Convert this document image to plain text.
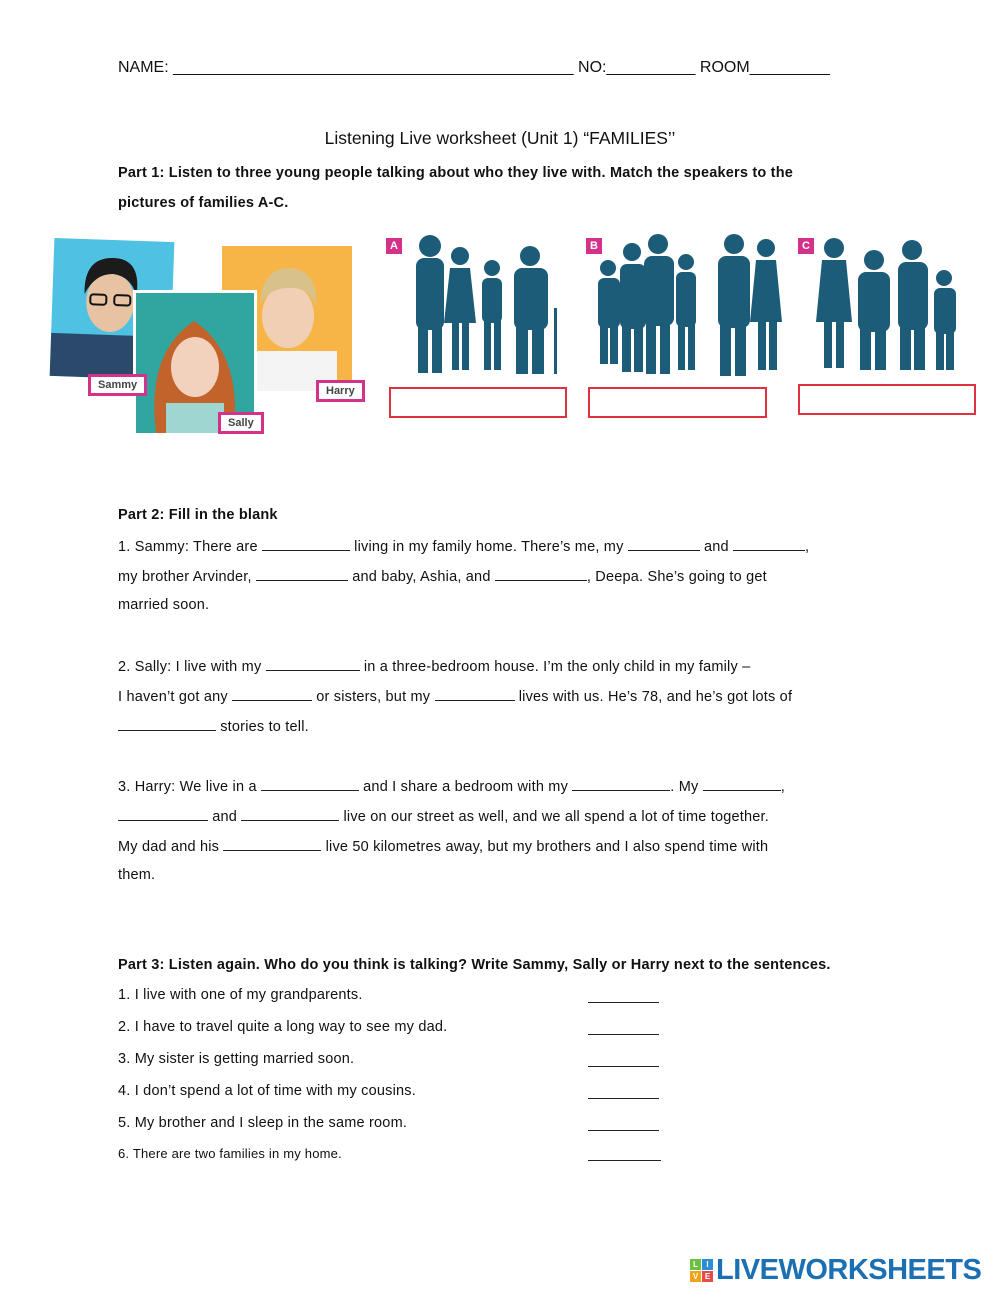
NAME: _____________________________________________ NO:__________ ROOM_________
Listening Live worksheet (Unit 1) “FAMILIES’’
Part 1: Listen to three young people talking about who they live with. Match the speakers to the
pictures of families A-C.
Sammy	Harry
Sally
A	B	C
Part 2: Fill in the blank
1. Sammy: There are	living in my family home. There’s me, my	and	,
my brother Arvinder,	and baby, Ashia, and	, Deepa. She’s going to get
married soon.
2. Sally: I live with my	in a three-bedroom house. I’m the only child in my family –
I haven’t got any	or sisters, but my	lives with us. He’s 78, and he’s got lots of
stories to tell.
3. Harry: We live in a	and I share a bedroom with my	. My	,
and	live on our street as well, and we all spend a lot of time together.
My dad and his	live 50 kilometres away, but my brothers and I also spend time with
them.
Part 3: Listen again. Who do you think is talking? Write Sammy, Sally or Harry next to the sentences.
1. I live with one of my grandparents.
2. I have to travel quite a long way to see my dad.
3. My sister is getting married soon.
4. I don’t spend a lot of time with my cousins.
5. My brother and I sleep in the same room.
6. There are two families in my home.
L	I
V E LIVEWORKSHEETS
